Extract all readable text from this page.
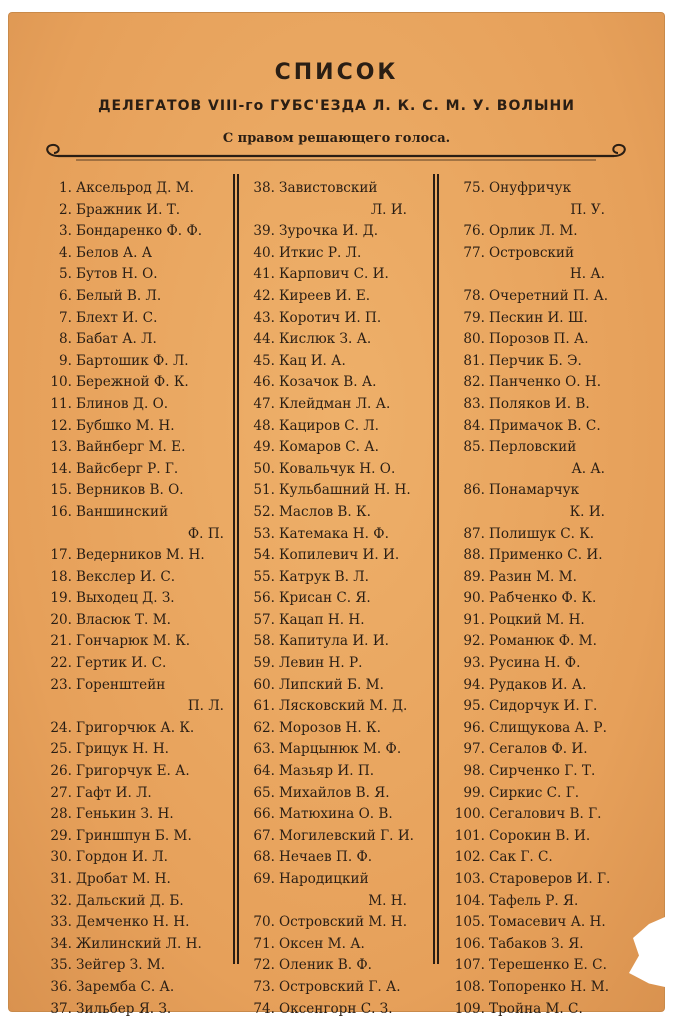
СПИСОК
ДЕЛЕГАТОВ VIII-го ГУБС'ЕЗДА Л. К. С. М. У. ВОЛЫНИ
С правом решающего голоса.
1. Аксельрод Д. М.
2. Бражник И. Т.
3. Бондаренко Ф. Ф.
4. Белов А. А
5. Бутов Н. О.
6. Белый В. Л.
7. Блехт И. С.
8. Бабат А. Л.
9. Бартошик Ф. Л.
10. Бережной Ф. К.
11. Блинов Д. О.
12. Бубшко М. Н.
13. Вайнберг М. Е.
14. Вайсберг Р. Г.
15. Верников В. О.
16. Ваншинский
Ф. П.
17. Ведерников М. Н.
18. Векслер И. С.
19. Выходец Д. З.
20. Власюк Т. М.
21. Гончарюк М. К.
22. Гертик И. С.
23. Горенштейн
П. Л.
24. Григорчюк А. К.
25. Грицук Н. Н.
26. Григорчук Е. А.
27. Гафт И. Л.
28. Генькин З. Н.
29. Гриншпун Б. М.
30. Гордон И. Л.
31. Дробат М. Н.
32. Дальский Д. Б.
33. Демченко Н. Н.
34. Жилинский Л. Н.
35. Зейгер З. М.
36. Заремба С. А.
37. Зильбер Я. З.
38. Завистовский
Л. И.
39. Зурочка И. Д.
40. Иткис Р. Л.
41. Карпович С. И.
42. Киреев И. Е.
43. Коротич И. П.
44. Кислюк З. А.
45. Кац И. А.
46. Козачок В. А.
47. Клейдман Л. А.
48. Кациров С. Л.
49. Комаров С. А.
50. Ковальчук Н. О.
51. Кульбашний Н. Н.
52. Маслов В. К.
53. Катемака Н. Ф.
54. Копилевич И. И.
55. Катрук В. Л.
56. Крисан С. Я.
57. Кацап Н. Н.
58. Капитула И. И.
59. Левин Н. Р.
60. Липский Б. М.
61. Лясковский М. Д.
62. Морозов Н. К.
63. Марцынюк М. Ф.
64. Мазьяр И. П.
65. Михайлов В. Я.
66. Матюхина О. В.
67. Могилевский Г. И.
68. Нечаев П. Ф.
69. Народицкий
М. Н.
70. Островский М. Н.
71. Оксен М. А.
72. Оленик В. Ф.
73. Островский Г. А.
74. Оксенгорн С. З.
75. Онуфричук
П. У.
76. Орлик Л. М.
77. Островский
Н. А.
78. Очеретний П. А.
79. Пескин И. Ш.
80. Порозов П. А.
81. Перчик Б. Э.
82. Панченко О. Н.
83. Поляков И. В.
84. Примачок В. С.
85. Перловский
А. А.
86. Понамарчук
К. И.
87. Полишук С. К.
88. Применко С. И.
89. Разин М. М.
90. Рабченко Ф. К.
91. Роцкий М. Н.
92. Романюк Ф. М.
93. Русина Н. Ф.
94. Рудаков И. А.
95. Сидорчук И. Г.
96. Слищукова А. Р.
97. Сегалов Ф. И.
98. Сирченко Г. Т.
99. Сиркис С. Г.
100. Сегалович В. Г.
101. Сорокин В. И.
102. Сак Г. С.
103. Староверов И. Г.
104. Тафель Р. Я.
105. Томасевич А. Н.
106. Табаков З. Я.
107. Терешенко Е. С.
108. Топоренко Н. М.
109. Тройна М. С.
